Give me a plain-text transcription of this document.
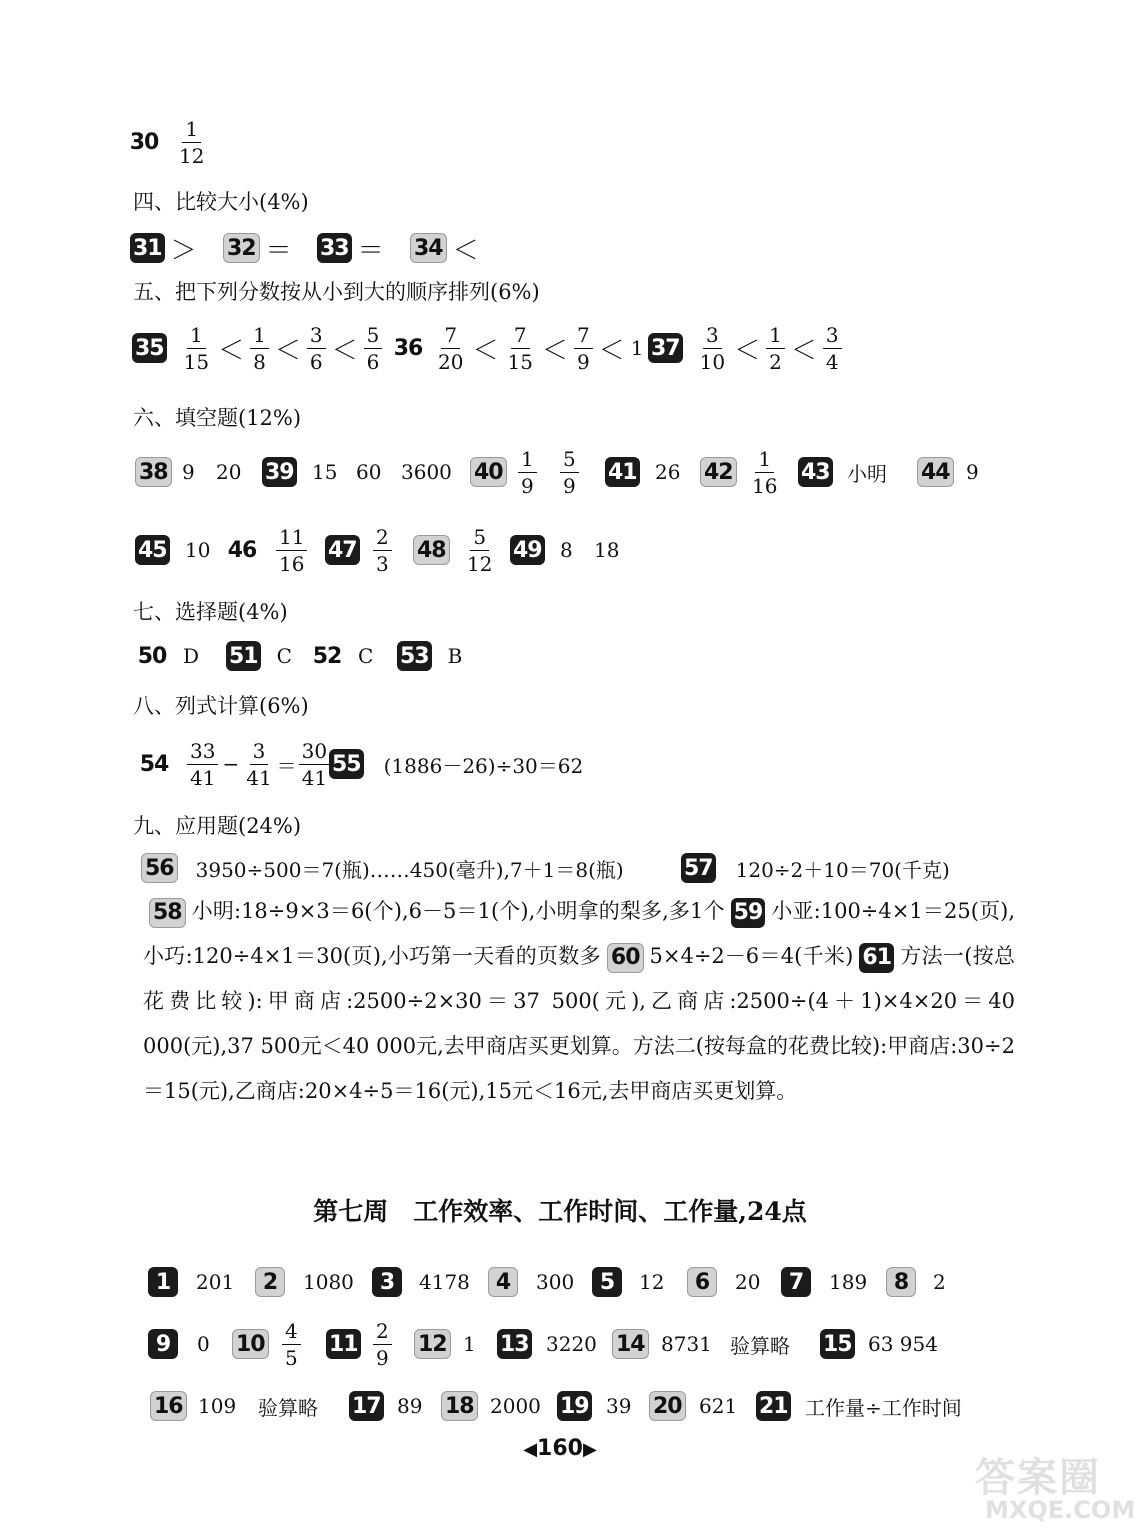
$30 \frac{1}{12}$
四、比较大小(4%)
31 ＞ 32 ＝ 33 ＝ 34 ＜
五、把下列分数按从小到大的顺序排列(6%)
$35 \frac{1}{15} < \frac{1}{8} < \frac{3}{6} < \frac{5}{6} 36 \frac{7}{20} < \frac{7}{15} < \frac{7}{9} < 1$ $37 \frac{3}{10} < \frac{1}{2} < \frac{3}{4}$
六、填空题(12%)
38 9 20 39 15 60 3600 $40 \frac{1}{9} \frac{5}{9} 41$ 26 $42 \frac{1}{16} 43$ 小明 44 9
45 10 $46 \frac{11}{16} 47 \frac{2}{3} 48 \frac{5}{12} 49$ 8 18
七、选择题(4%)
50 D 51 C 52 C 53 B
八、列式计算(6%)
$54 \frac{33}{41} - \frac{3}{41} = \frac{30}{41} 55$ (1886－26)÷30＝62
九、应用题(24%)
56 3950÷500＝7(瓶)……450(毫升),7＋1＝8(瓶)	57 120÷2＋10＝70(千克)
58 小明:18÷9×3＝6(个),6－5＝1(个),小明拿的梨多,多1个 59 小亚:100÷4×1＝25(页),小巧:120÷4×1＝30(页),小巧第一天看的页数多 60 5×4÷2－6＝4(千米) 61 方法一(按总花费比较):甲商店:2500÷2×30＝37 500(元),乙商店:2500÷(4＋1)×4×20＝40 000(元),37 500元＜40 000元,去甲商店买更划算。方法二(按每盒的花费比较):甲商店:30÷2＝15(元),乙商店:20×4÷5＝16(元),15元＜16元,去甲商店买更划算。
第七周　工作效率、工作时间、工作量,24点
1	201	2	1080	3	4178	4	300	5	12	6	20	7	189	8	2
9	0 $10 \frac{4}{5} 11 \frac{2}{9} 12$ 1 13 3220 14 8731 验算略 15 63 954
16 109 验算略 17 89 18 2000 19 39 20 621 21 工作量÷工作时间
◀160▶
答案圈
MXQE.COM
